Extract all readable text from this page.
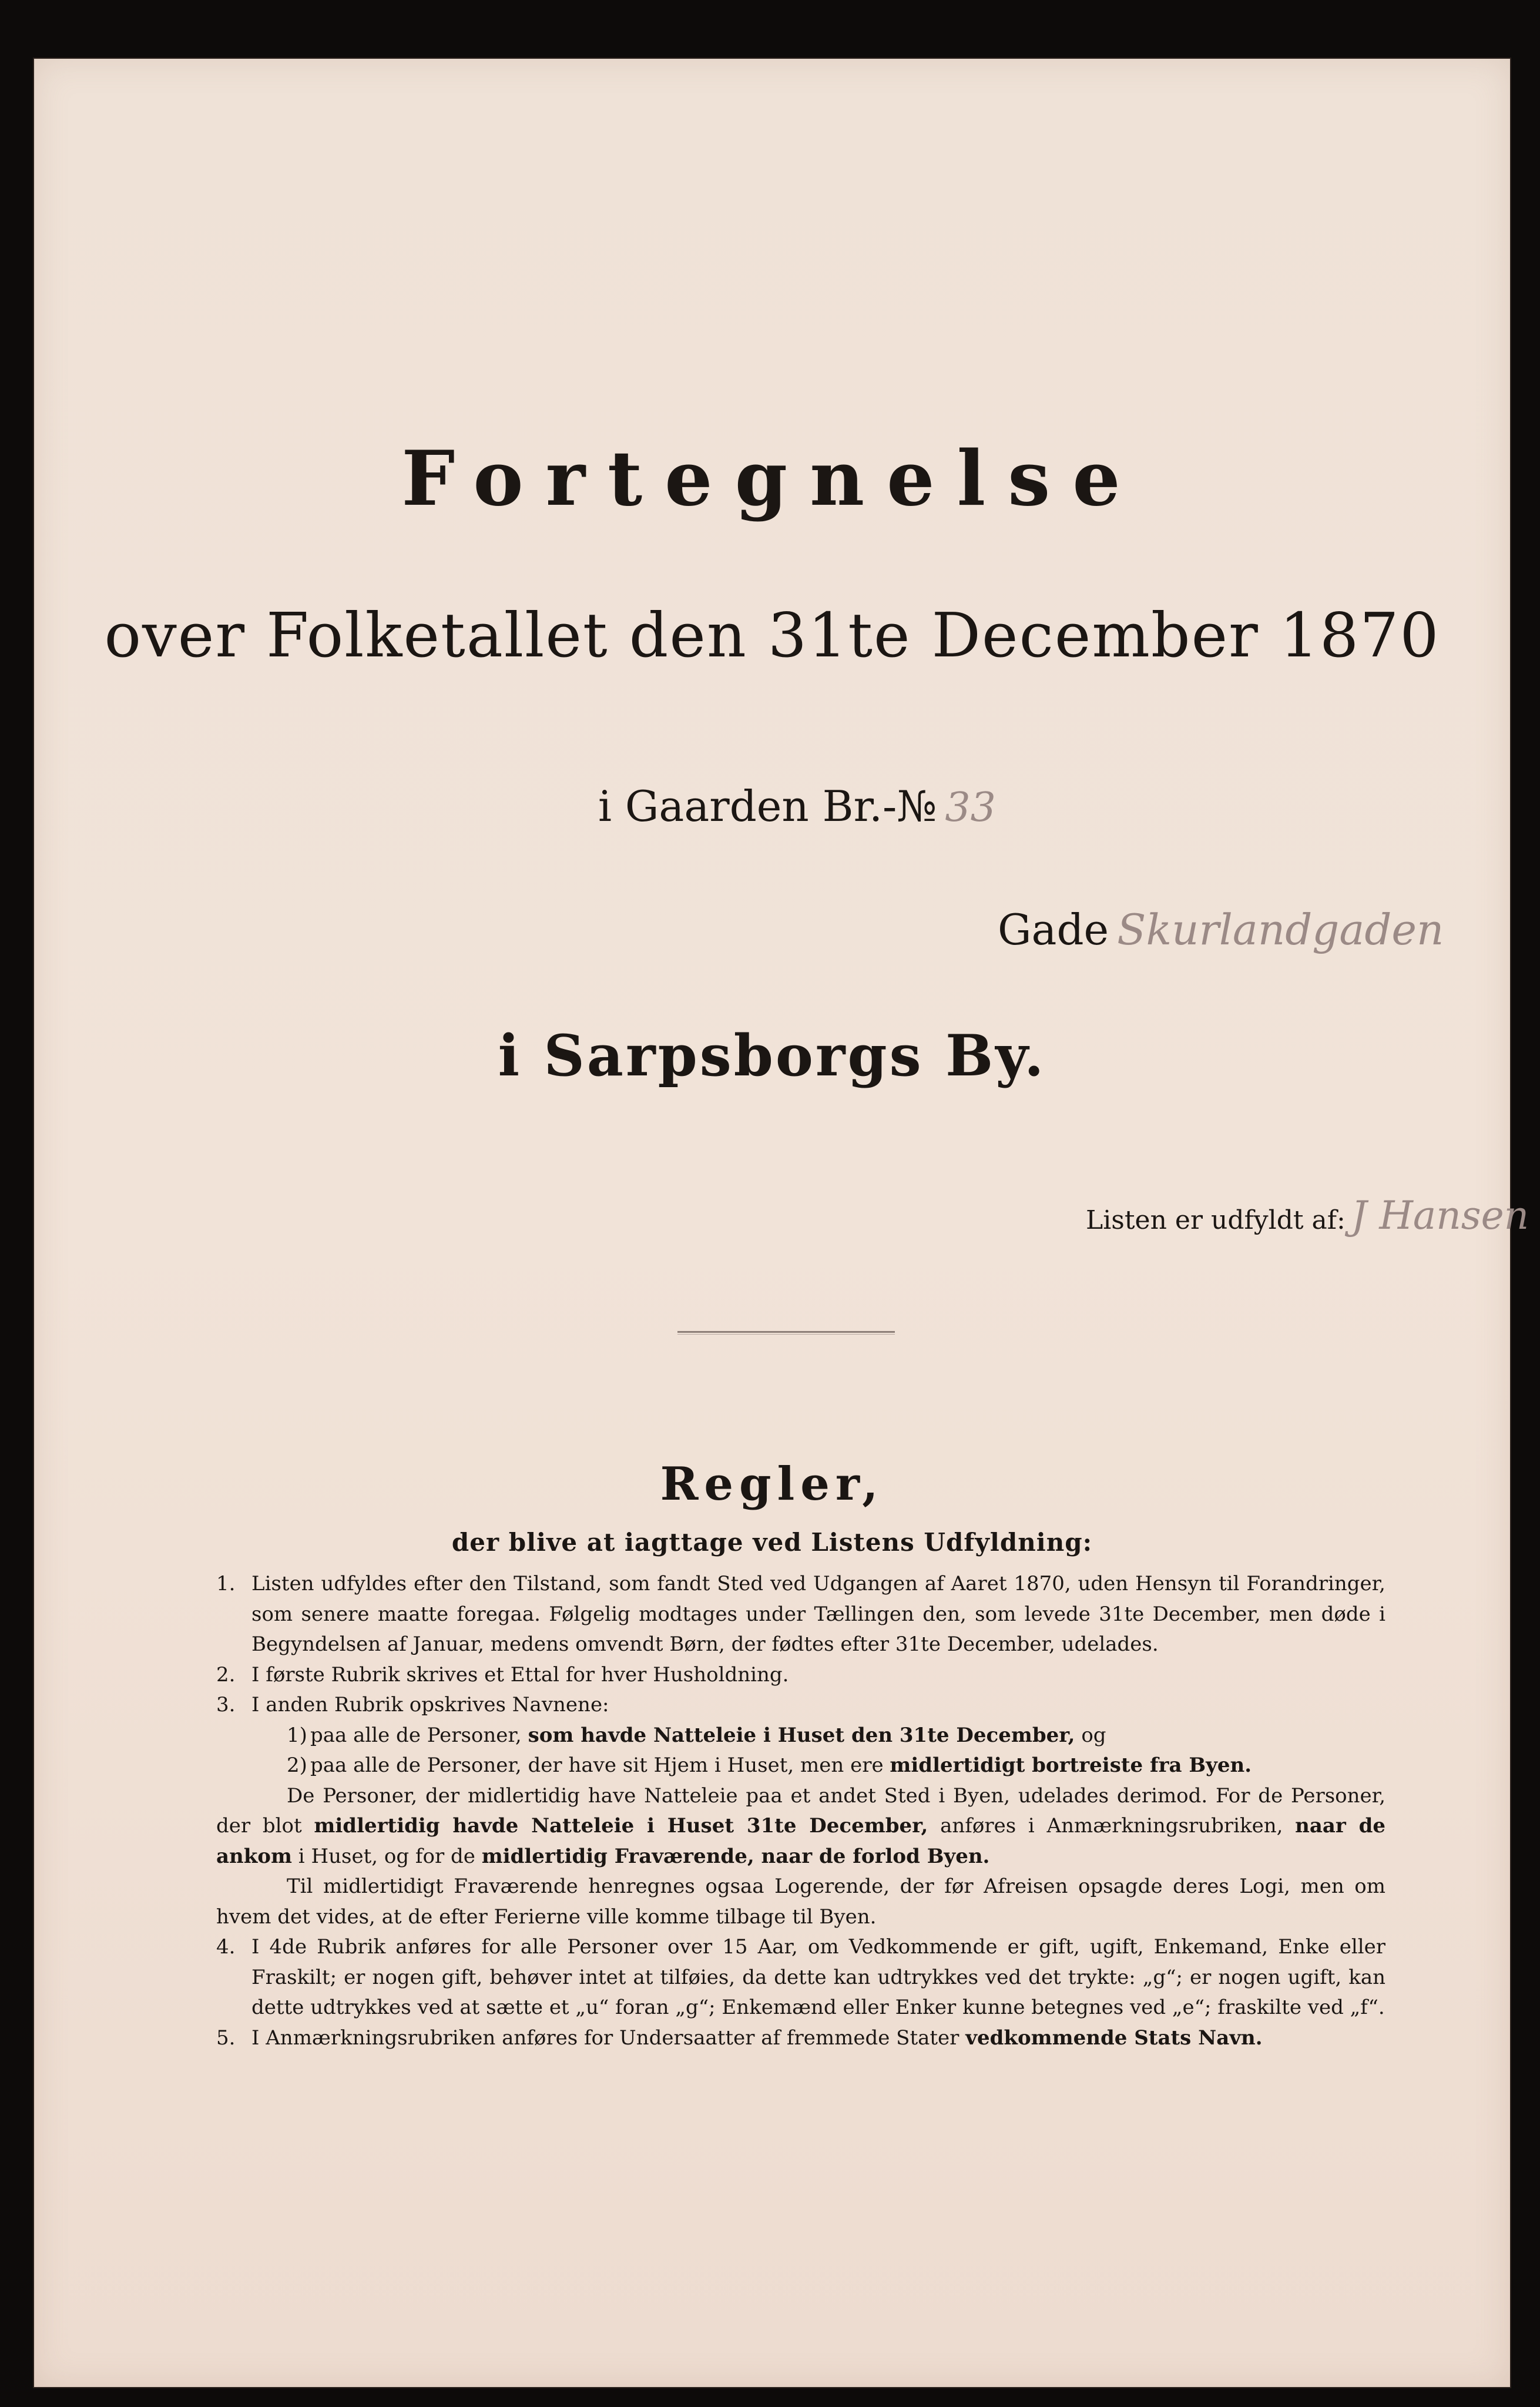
Fortegnelse
over Folketallet den 31te December 1870
i Gaarden Br.-№ 33
Gade Skurlandgaden
i Sarpsborgs By.
Listen er udfyldt af: J Hansen
Regler,
der blive at iagttage ved Listens Udfyldning:
1. Listen udfyldes efter den Tilstand, som fandt Sted ved Udgangen af Aaret 1870, uden Hensyn til Forandringer, som senere maatte foregaa. Følgelig modtages under Tællingen den, som levede 31te December, men døde i Begyndelsen af Januar, medens omvendt Børn, der fødtes efter 31te December, udelades.
2. I første Rubrik skrives et Ettal for hver Husholdning.
3. I anden Rubrik opskrives Navnene:
1) paa alle de Personer, som havde Natteleie i Huset den 31te December, og
2) paa alle de Personer, der have sit Hjem i Huset, men ere midlertidigt bortreiste fra Byen.
De Personer, der midlertidig have Natteleie paa et andet Sted i Byen, udelades derimod. For de Personer, der blot midlertidig havde Natteleie i Huset 31te December, anføres i Anmærkningsrubriken, naar de ankom i Huset, og for de midlertidig Fraværende, naar de forlod Byen.
Til midlertidigt Fraværende henregnes ogsaa Logerende, der før Afreisen opsagde deres Logi, men om hvem det vides, at de efter Ferierne ville komme tilbage til Byen.
4. I 4de Rubrik anføres for alle Personer over 15 Aar, om Vedkommende er gift, ugift, Enkemand, Enke eller Fraskilt; er nogen gift, behøver intet at tilføies, da dette kan udtrykkes ved det trykte: „g“; er nogen ugift, kan dette udtrykkes ved at sætte et „u“ foran „g“; Enkemænd eller Enker kunne betegnes ved „e“; fraskilte ved „f“.
5. I Anmærkningsrubriken anføres for Undersaatter af fremmede Stater vedkommende Stats Navn.
